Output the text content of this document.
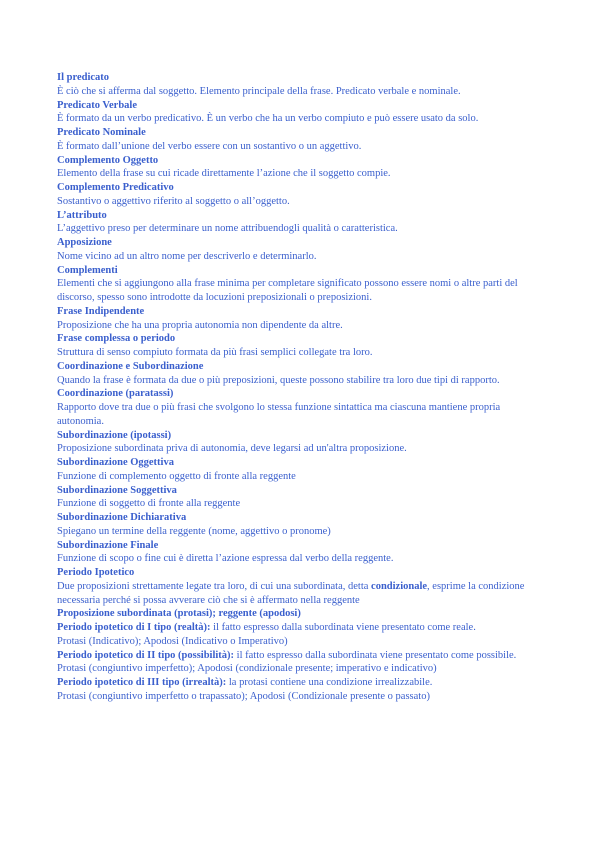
Il predicato
È ciò che si afferma dal soggetto. Elemento principale della frase. Predicato verbale e nominale.
Predicato Verbale
È formato da un verbo predicativo. È un verbo che ha un verbo compiuto e può essere usato da solo.
Predicato Nominale
È formato dall’unione del verbo essere con un sostantivo o un aggettivo.
Complemento Oggetto
Elemento della frase su cui ricade direttamente l’azione che il soggetto compie.
Complemento Predicativo
Sostantivo o aggettivo riferito al soggetto o all’oggetto.
L’attributo
L’aggettivo preso per determinare un nome attribuendogli qualità o caratteristica.
Apposizione
Nome vicino ad un altro nome per descriverlo e determinarlo.
Complementi
Elementi che si aggiungono alla frase minima per completare significato possono essere nomi o altre parti del discorso, spesso sono introdotte da locuzioni preposizionali o preposizioni.
Frase Indipendente
Proposizione che ha una propria autonomia non dipendente da altre.
Frase complessa o periodo
Struttura di senso compiuto formata da più frasi semplici collegate tra loro.
Coordinazione e Subordinazione
Quando la frase è formata da due o più preposizioni, queste possono stabilire tra loro due tipi di rapporto.
Coordinazione (paratassi)
Rapporto dove tra due o più frasi che svolgono lo stessa funzione sintattica ma ciascuna mantiene propria autonomia.
Subordinazione (ipotassi)
Proposizione subordinata priva di autonomia, deve legarsi ad un'altra proposizione.
Subordinazione Oggettiva
Funzione di complemento oggetto di fronte alla reggente
Subordinazione Soggettiva
Funzione di soggetto di fronte alla reggente
Subordinazione Dichiarativa
Spiegano un termine della reggente (nome, aggettivo o pronome)
Subordinazione Finale
Funzione di scopo o fine cui è diretta l’azione espressa dal verbo della reggente.
Periodo Ipotetico
Due proposizioni strettamente legate tra loro, di cui una subordinata, detta condizionale, esprime la condizione necessaria perché si possa avverare ciò che si è affermato nella reggente
Proposizione subordinata (protasi); reggente (apodosi)
Periodo ipotetico di I tipo (realtà): il fatto espresso dalla subordinata viene presentato come reale.
Protasi (Indicativo); Apodosi (Indicativo o Imperativo)
Periodo ipotetico di II tipo (possibilità): il fatto espresso dalla subordinata viene presentato come possibile. Protasi (congiuntivo imperfetto); Apodosi (condizionale presente; imperativo e indicativo)
Periodo ipotetico di III tipo (irrealtà): la protasi contiene una condizione irrealizzabile.
Protasi (congiuntivo imperfetto o trapassato); Apodosi (Condizionale presente o passato)
